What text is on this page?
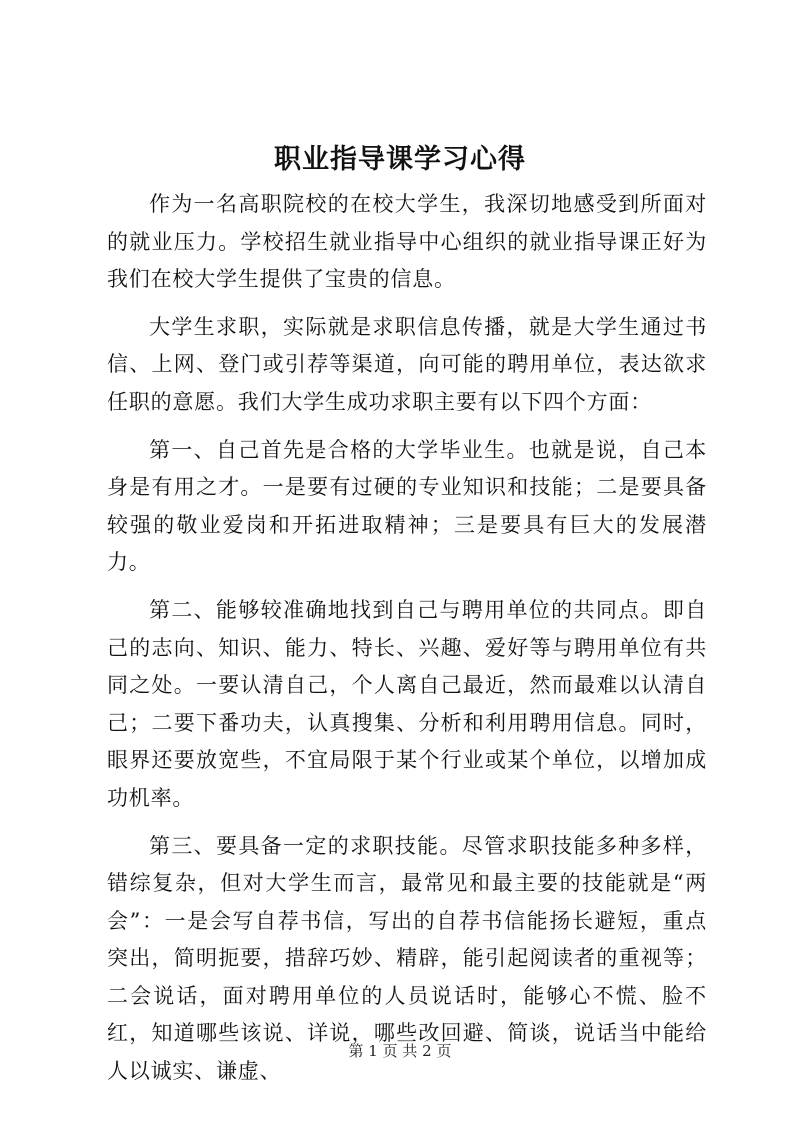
职业指导课学习心得

作为一名高职院校的在校大学生，我深切地感受到所面对的就业压力。学校招生就业指导中心组织的就业指导课正好为我们在校大学生提供了宝贵的信息。

大学生求职，实际就是求职信息传播，就是大学生通过书信、上网、登门或引荐等渠道，向可能的聘用单位，表达欲求任职的意愿。我们大学生成功求职主要有以下四个方面：

第一、自己首先是合格的大学毕业生。也就是说，自己本身是有用之才。一是要有过硬的专业知识和技能；二是要具备较强的敬业爱岗和开拓进取精神；三是要具有巨大的发展潜力。

第二、能够较准确地找到自己与聘用单位的共同点。即自己的志向、知识、能力、特长、兴趣、爱好等与聘用单位有共同之处。一要认清自己，个人离自己最近，然而最难以认清自己；二要下番功夫，认真搜集、分析和利用聘用信息。同时，眼界还要放宽些，不宜局限于某个行业或某个单位，以增加成功机率。

第三、要具备一定的求职技能。尽管求职技能多种多样，错综复杂，但对大学生而言，最常见和最主要的技能就是“两会”：一是会写自荐书信，写出的自荐书信能扬长避短，重点突出，简明扼要，措辞巧妙、精辟，能引起阅读者的重视等；二会说话，面对聘用单位的人员说话时，能够心不慌、脸不红，知道哪些该说、详说，哪些改回避、简谈，说话当中能给人以诚实、谦虚、

第 1 页 共 2 页
